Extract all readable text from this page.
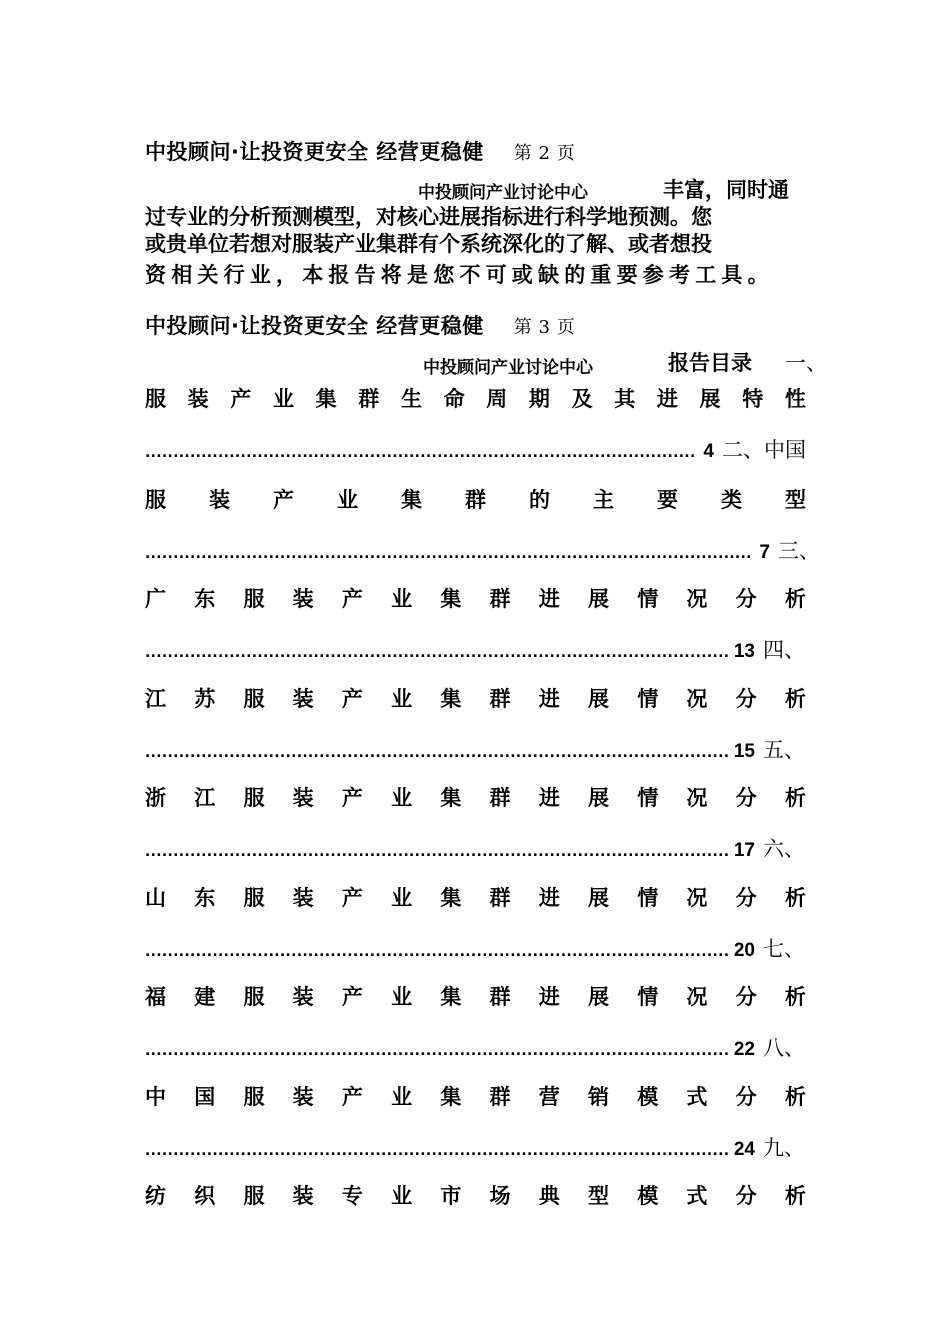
中投顾问·让投资更安全 经营更稳健 第 2 页
中投顾问产业讨论中心	丰富，同时通
过专业的分析预测模型，对核心进展指标进行科学地预测。您
或贵单位若想对服装产业集群有个系统深化的了解、或者想投
资相关行业，本报告将是您不可或缺的重要参考工具。
中投顾问·让投资更安全 经营更稳健 第 3 页
中投顾问产业讨论中心	报告目录 一、
服 装 产 业 集 群 生 命 周 期 及 其 进 展 特 性
.....
4 二、中国
服 装 产 业 集 群 的 主 要 类 型
.....
7 三、
广 东 服 装 产 业 集 群 进 展 情 况 分 析
.....
13 四、
江 苏 服 装 产 业 集 群 进 展 情 况 分 析
.....
15 五、
浙 江 服 装 产 业 集 群 进 展 情 况 分 析
.....
17 六、
山 东 服 装 产 业 集 群 进 展 情 况 分 析
.....
20 七、
福 建 服 装 产 业 集 群 进 展 情 况 分 析
.....
22 八、
中 国 服 装 产 业 集 群 营 销 模 式 分 析
.....
24 九、
纺 织 服 装 专 业 市 场 典 型 模 式 分 析
